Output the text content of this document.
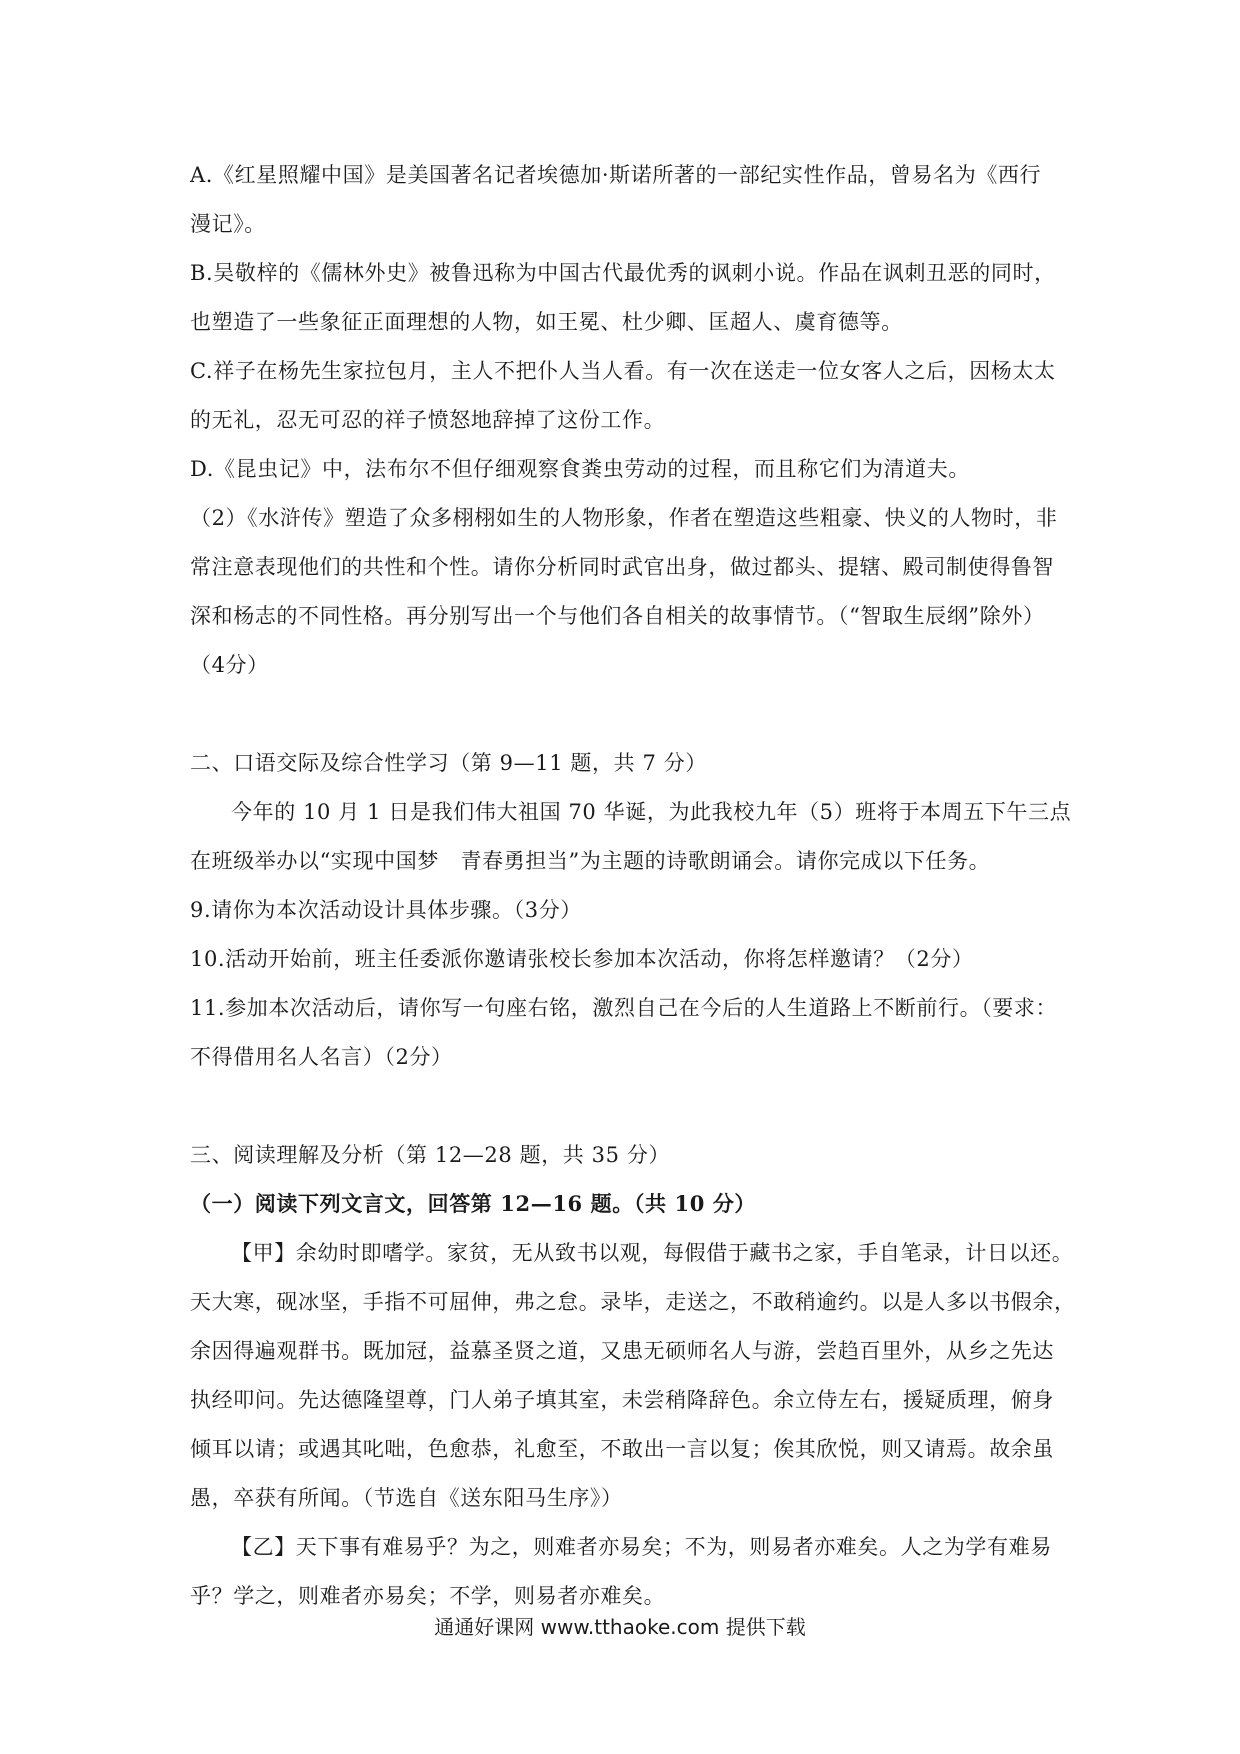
A.《红星照耀中国》是美国著名记者埃德加·斯诺所著的一部纪实性作品，曾易名为《西行
漫记》。
B.吴敬梓的《儒林外史》被鲁迅称为中国古代最优秀的讽刺小说。作品在讽刺丑恶的同时，
也塑造了一些象征正面理想的人物，如王冕、杜少卿、匡超人、虞育德等。
C.祥子在杨先生家拉包月，主人不把仆人当人看。有一次在送走一位女客人之后，因杨太太
的无礼，忍无可忍的祥子愤怒地辞掉了这份工作。
D.《昆虫记》中，法布尔不但仔细观察食粪虫劳动的过程，而且称它们为清道夫。
（2）《水浒传》塑造了众多栩栩如生的人物形象，作者在塑造这些粗豪、快义的人物时，非
常注意表现他们的共性和个性。请你分析同时武官出身，做过都头、提辖、殿司制使得鲁智
深和杨志的不同性格。再分别写出一个与他们各自相关的故事情节。（“智取生辰纲”除外）
（4分）
二、口语交际及综合性学习（第 9—11 题，共 7 分）
今年的 10 月 1 日是我们伟大祖国 70 华诞，为此我校九年（5）班将于本周五下午三点
在班级举办以“实现中国梦　青春勇担当”为主题的诗歌朗诵会。请你完成以下任务。
9.请你为本次活动设计具体步骤。（3分）
10.活动开始前，班主任委派你邀请张校长参加本次活动，你将怎样邀请？（2分）
11.参加本次活动后，请你写一句座右铭，激烈自己在今后的人生道路上不断前行。（要求：
不得借用名人名言）（2分）
三、阅读理解及分析（第 12—28 题，共 35 分）
（一）阅读下列文言文，回答第 12—16 题。（共 10 分）
【甲】余幼时即嗜学。家贫，无从致书以观，每假借于藏书之家，手自笔录，计日以还。
天大寒，砚冰坚，手指不可屈伸，弗之怠。录毕，走送之，不敢稍逾约。以是人多以书假余，
余因得遍观群书。既加冠，益慕圣贤之道，又患无硕师名人与游，尝趋百里外，从乡之先达
执经叩问。先达德隆望尊，门人弟子填其室，未尝稍降辞色。余立侍左右，援疑质理，俯身
倾耳以请；或遇其叱咄，色愈恭，礼愈至，不敢出一言以复；俟其欣悦，则又请焉。故余虽
愚，卒获有所闻。（节选自《送东阳马生序》）
【乙】天下事有难易乎？为之，则难者亦易矣；不为，则易者亦难矣。人之为学有难易
乎？学之，则难者亦易矣；不学，则易者亦难矣。
通通好课网 www.tthaoke.com 提供下载
